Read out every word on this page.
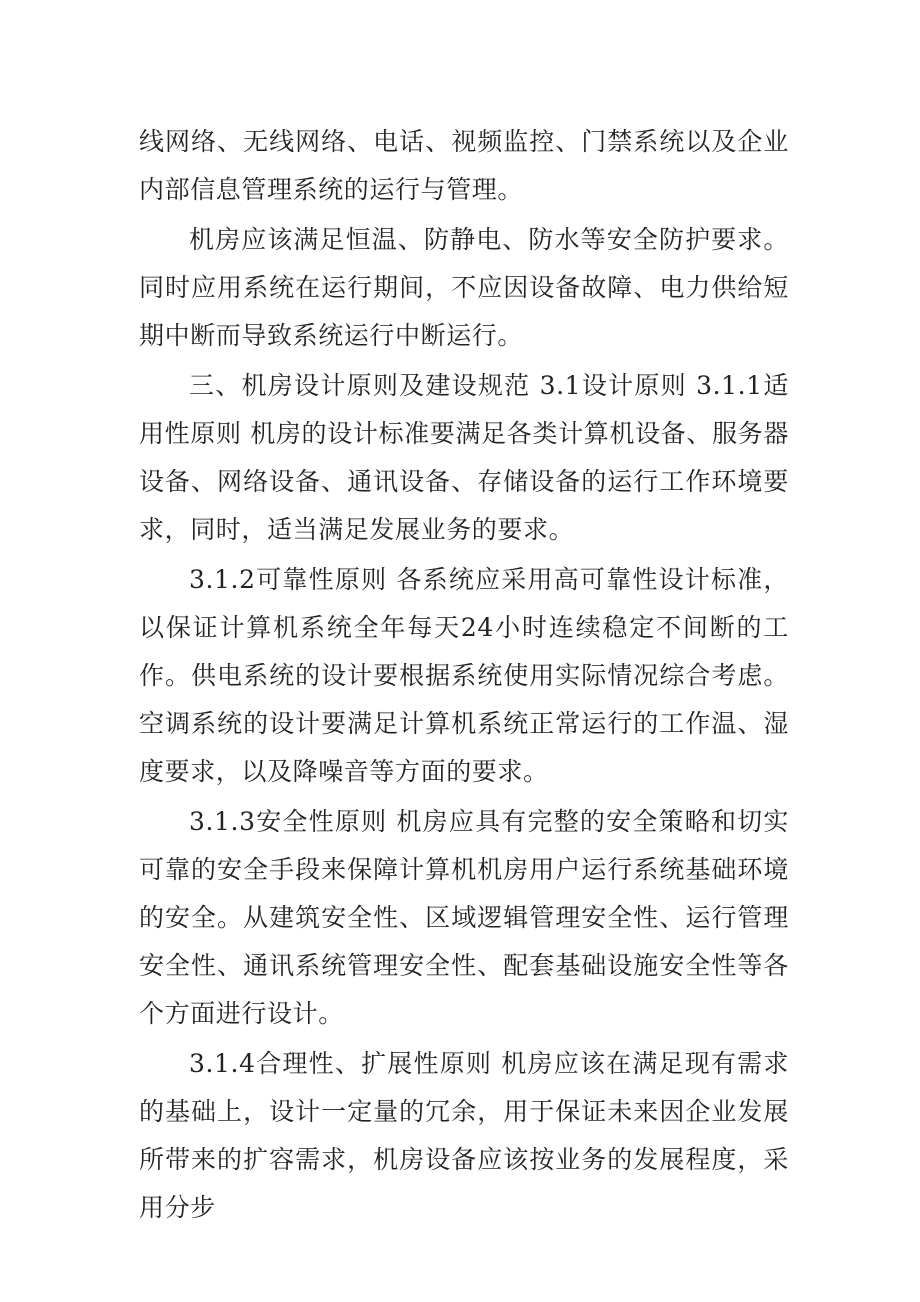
线网络、无线网络、电话、视频监控、门禁系统以及企业内部信息管理系统的运行与管理。

机房应该满足恒温、防静电、防水等安全防护要求。同时应用系统在运行期间，不应因设备故障、电力供给短期中断而导致系统运行中断运行。

三、机房设计原则及建设规范 3.1设计原则 3.1.1适用性原则 机房的设计标准要满足各类计算机设备、服务器设备、网络设备、通讯设备、存储设备的运行工作环境要求，同时，适当满足发展业务的要求。

3.1.2可靠性原则 各系统应采用高可靠性设计标准，以保证计算机系统全年每天24小时连续稳定不间断的工作。供电系统的设计要根据系统使用实际情况综合考虑。空调系统的设计要满足计算机系统正常运行的工作温、湿度要求，以及降噪音等方面的要求。

3.1.3安全性原则 机房应具有完整的安全策略和切实可靠的安全手段来保障计算机机房用户运行系统基础环境的安全。从建筑安全性、区域逻辑管理安全性、运行管理安全性、通讯系统管理安全性、配套基础设施安全性等各个方面进行设计。

3.1.4合理性、扩展性原则 机房应该在满足现有需求的基础上，设计一定量的冗余，用于保证未来因企业发展所带来的扩容需求，机房设备应该按业务的发展程度，采用分步
